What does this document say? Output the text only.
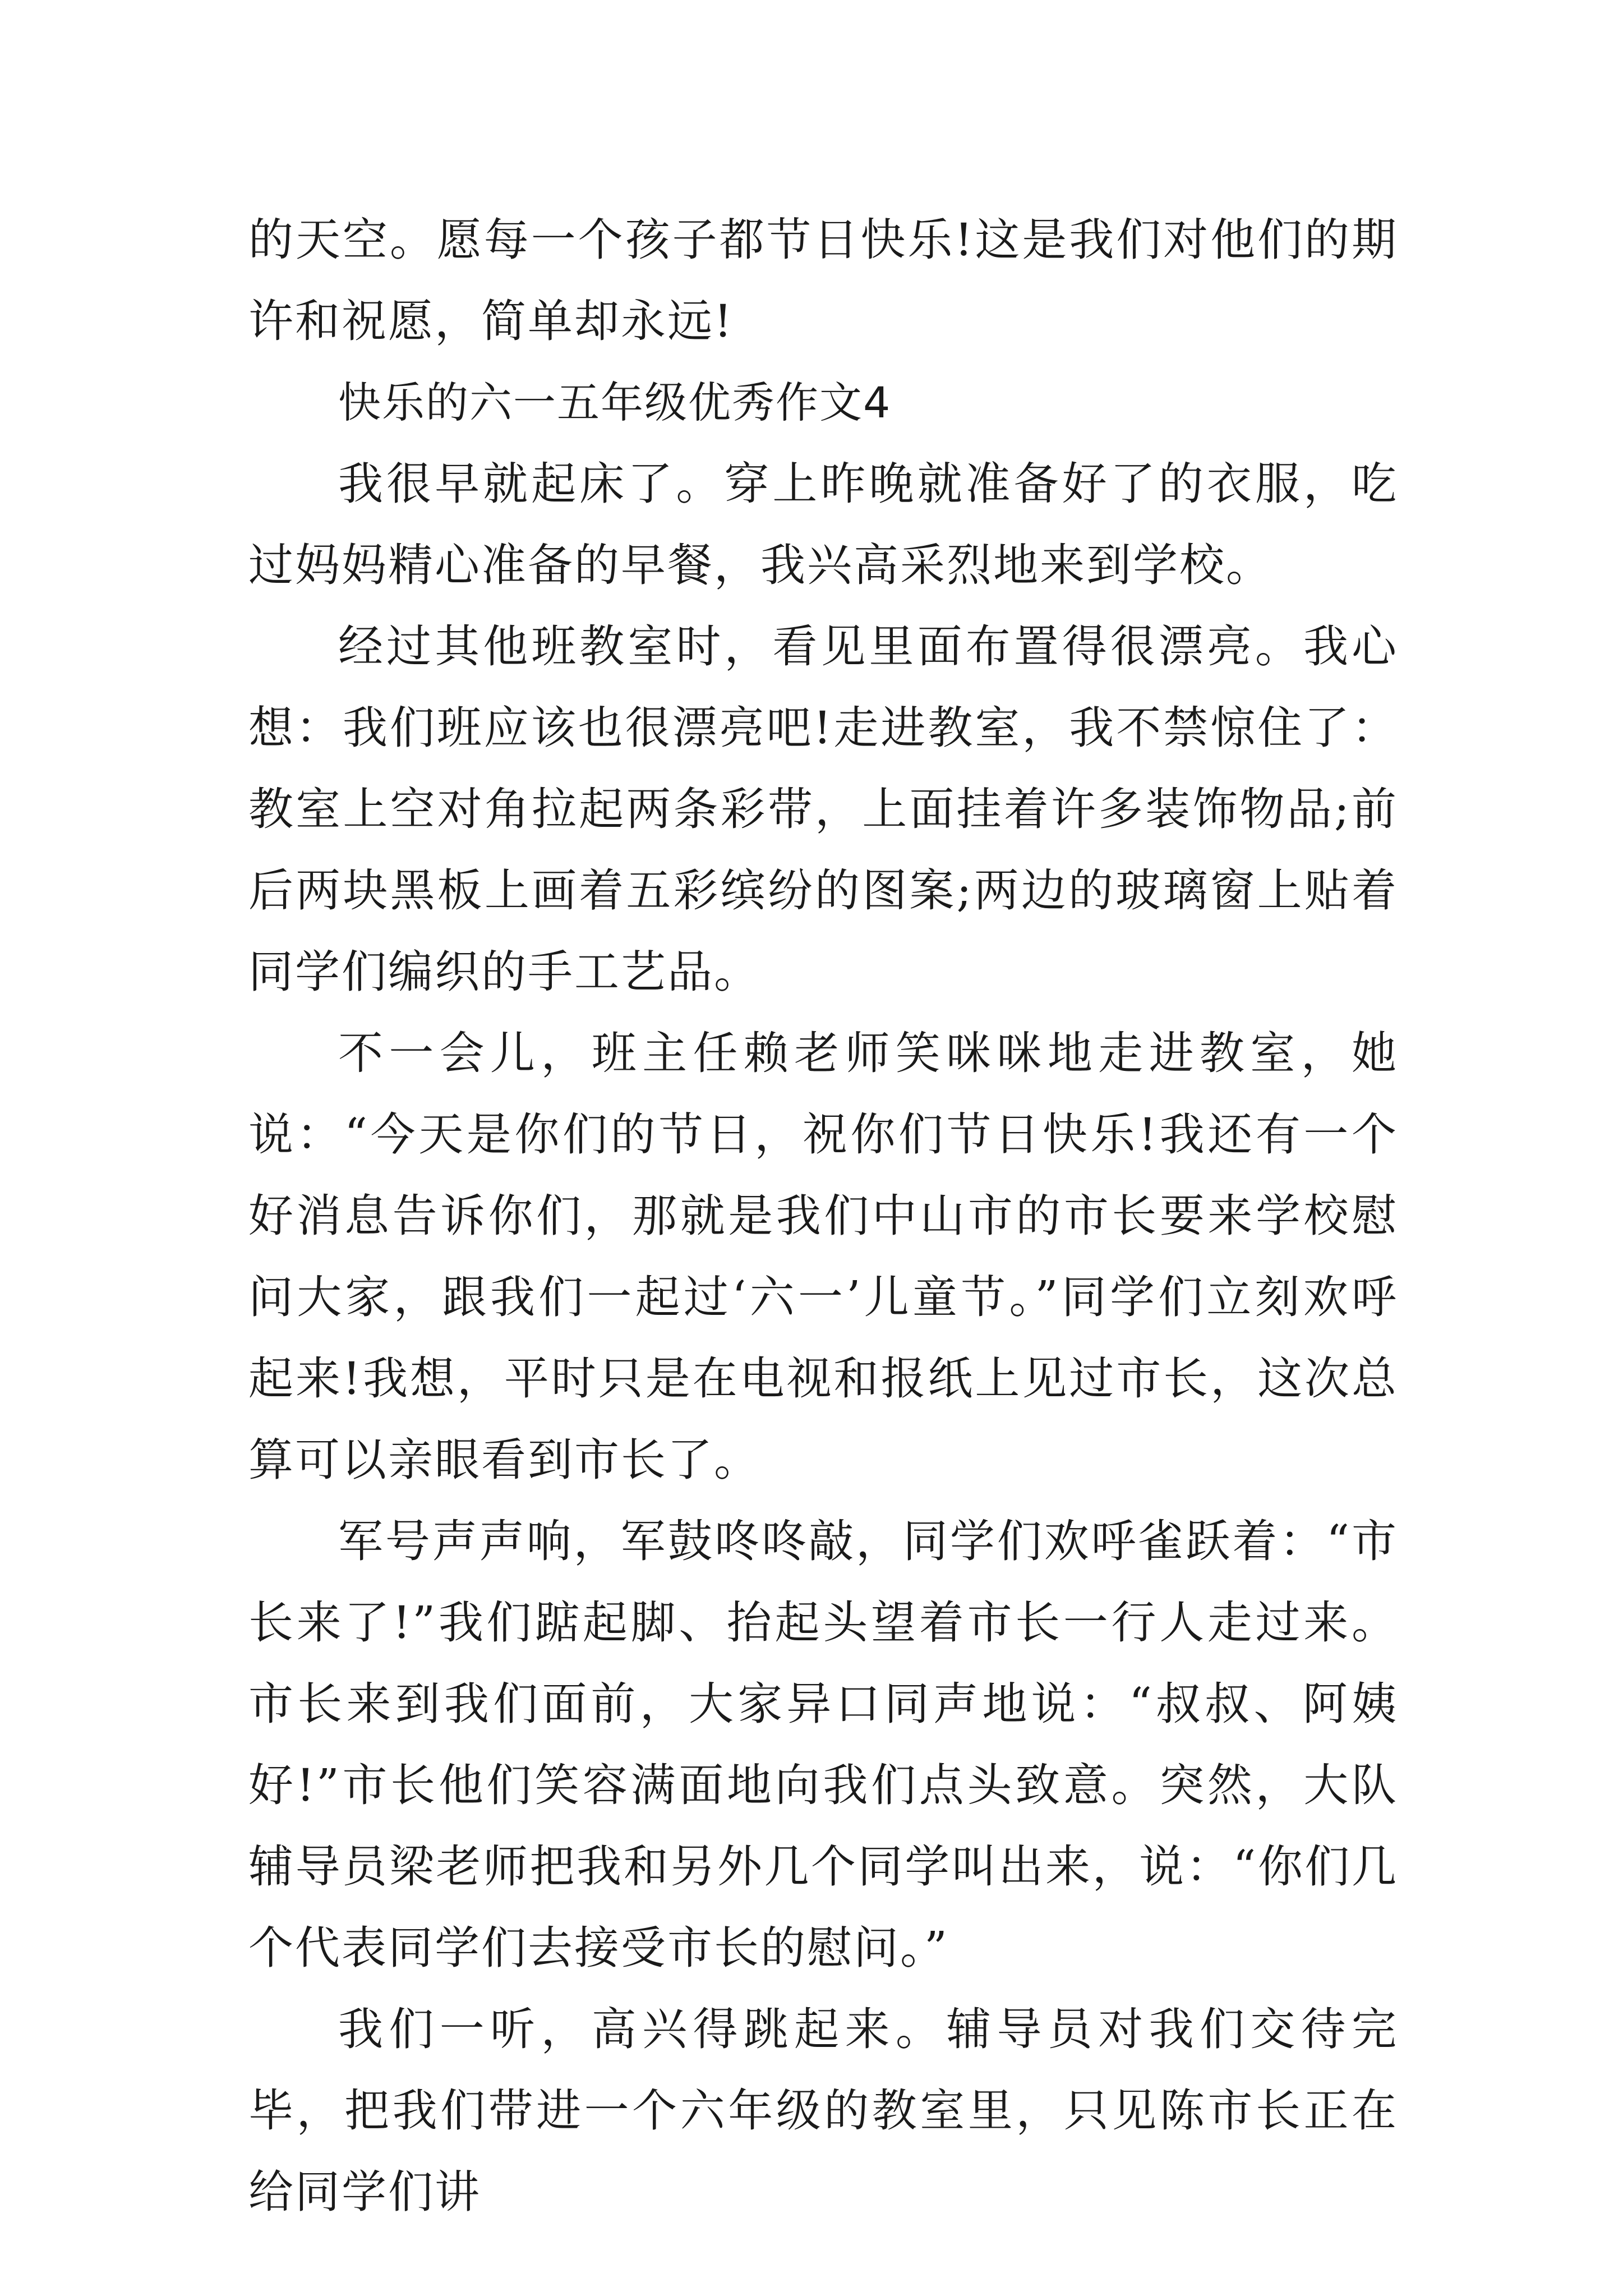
的天空。愿每一个孩子都节日快乐!这是我们对他们的期许和祝愿，简单却永远!

快乐的六一五年级优秀作文4

我很早就起床了。穿上昨晚就准备好了的衣服，吃过妈妈精心准备的早餐，我兴高采烈地来到学校。

经过其他班教室时，看见里面布置得很漂亮。我心想：我们班应该也很漂亮吧!走进教室，我不禁惊住了：教室上空对角拉起两条彩带，上面挂着许多装饰物品;前后两块黑板上画着五彩缤纷的图案;两边的玻璃窗上贴着同学们编织的手工艺品。

不一会儿，班主任赖老师笑咪咪地走进教室，她说：“今天是你们的节日，祝你们节日快乐!我还有一个好消息告诉你们，那就是我们中山市的市长要来学校慰问大家，跟我们一起过‘六一’儿童节。”同学们立刻欢呼起来!我想，平时只是在电视和报纸上见过市长，这次总算可以亲眼看到市长了。

军号声声响，军鼓咚咚敲，同学们欢呼雀跃着：“市长来了!”我们踮起脚、抬起头望着市长一行人走过来。市长来到我们面前，大家异口同声地说：“叔叔、阿姨好!”市长他们笑容满面地向我们点头致意。突然，大队辅导员梁老师把我和另外几个同学叫出来，说：“你们几个代表同学们去接受市长的慰问。”

我们一听，高兴得跳起来。辅导员对我们交待完毕，把我们带进一个六年级的教室里，只见陈市长正在给同学们讲
